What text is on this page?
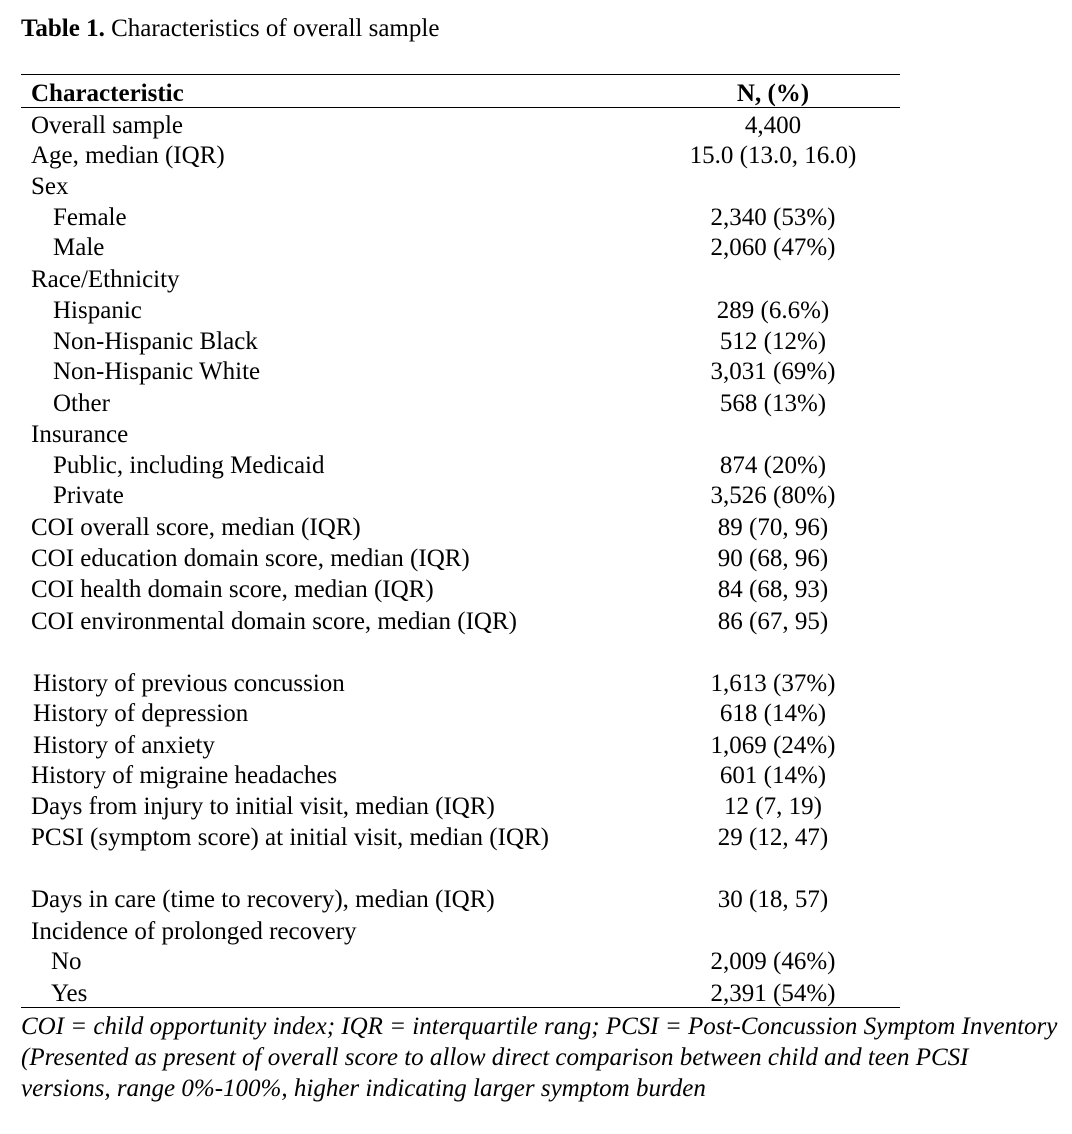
Table 1. Characteristics of overall sample
Characteristic	N, (%)
Overall sample	4,400
Age, median (IQR)	15.0 (13.0, 16.0)
Sex
Female	2,340 (53%)
Male	2,060 (47%)
Race/Ethnicity
Hispanic	289 (6.6%)
Non-Hispanic Black	512 (12%)
Non-Hispanic White	3,031 (69%)
Other	568 (13%)
Insurance
Public, including Medicaid	874 (20%)
Private	3,526 (80%)
COI overall score, median (IQR)	89 (70, 96)
COI education domain score, median (IQR)	90 (68, 96)
COI health domain score, median (IQR)	84 (68, 93)
COI environmental domain score, median (IQR)	86 (67, 95)
History of previous concussion	1,613 (37%)
History of depression	618 (14%)
History of anxiety	1,069 (24%)
History of migraine headaches	601 (14%)
Days from injury to initial visit, median (IQR)	12 (7, 19)
PCSI (symptom score) at initial visit, median (IQR)	29 (12, 47)
Days in care (time to recovery), median (IQR)	30 (18, 57)
Incidence of prolonged recovery
No	2,009 (46%)
Yes	2,391 (54%)
COI = child opportunity index; IQR = interquartile rang; PCSI = Post-Concussion Symptom Inventory (Presented as present of overall score to allow direct comparison between child and teen PCSI versions, range 0%-100%, higher indicating larger symptom burden
